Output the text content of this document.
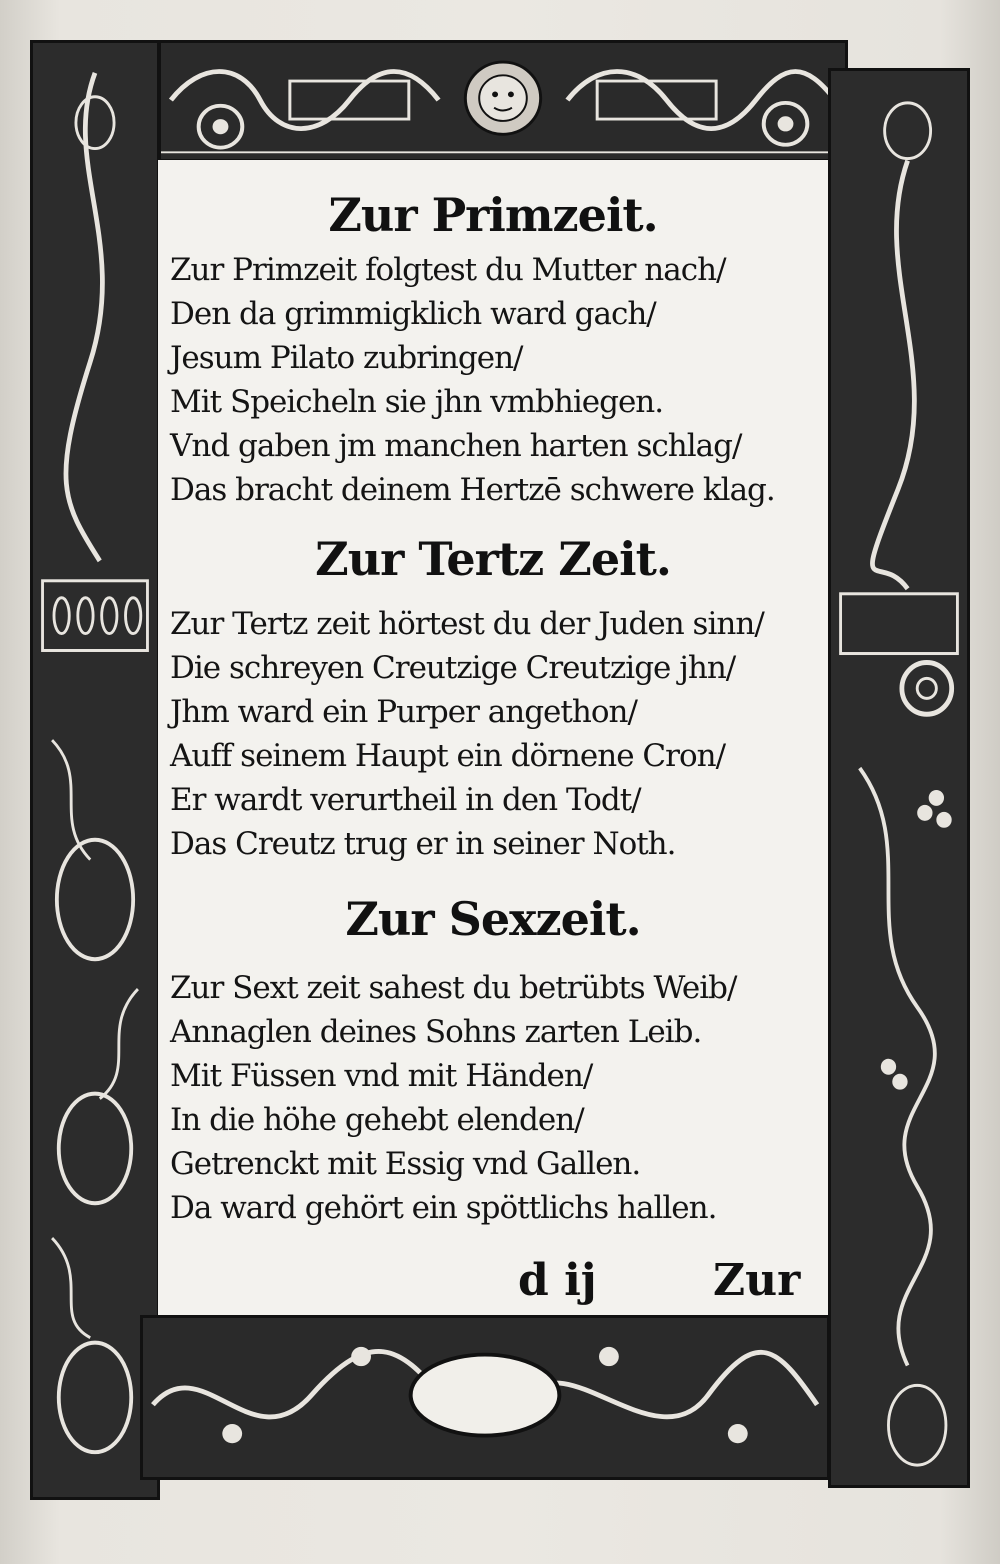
Zur Primzeit.
Zur Primzeit folgtest du Mutter nach/
Den da grimmigklich ward gach/
Jesum Pilato zubringen/
Mit Speicheln sie jhn vmbhiegen.
Vnd gaben jm manchen harten schlag/
Das bracht deinem Hertzē schwere klag.
Zur Tertz Zeit.
Zur Tertz zeit hörtest du der Juden sinn/
Die schreyen Creutzige Creutzige jhn/
Jhm ward ein Purper angethon/
Auff seinem Haupt ein dörnene Cron/
Er wardt verurtheil in den Todt/
Das Creutz trug er in seiner Noth.
Zur Sexzeit.
Zur Sext zeit sahest du betrübts Weib/
Annaglen deines Sohns zarten Leib.
Mit Füssen vnd mit Händen/
In die höhe gehebt elenden/
Getrenckt mit Essig vnd Gallen.
Da ward gehört ein spöttlichs hallen.
d ij	Zur
